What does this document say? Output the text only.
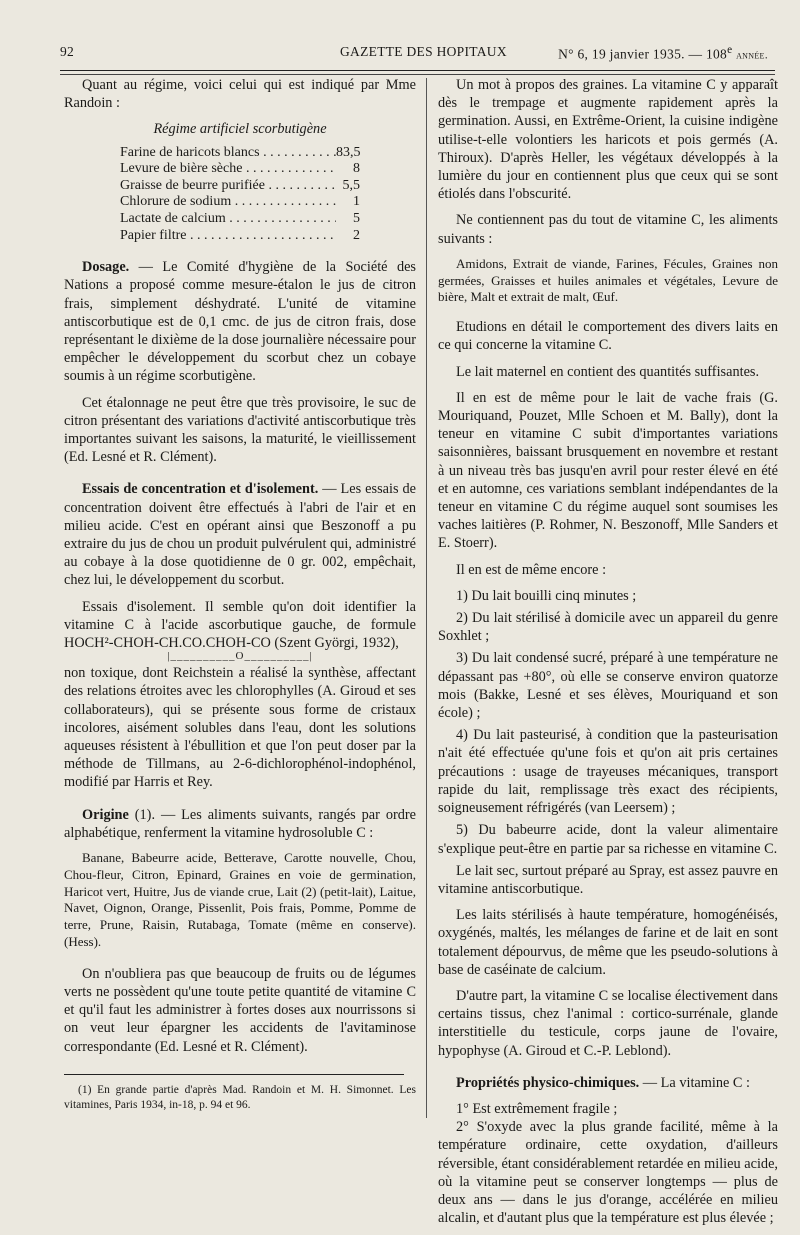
92	GAZETTE DES HOPITAUX	N° 6, 19 janvier 1935. — 108e année.

Quant au régime, voici celui qui est indiqué par Mme Randoin :

Régime artificiel scorbutigène

Farine de haricots blancs . . .	83,5
Levure de bière sèche . . .	8
Graisse de beurre purifiée . . .	5,5
Chlorure de sodium . . .	1
Lactate de calcium . . .	5
Papier filtre . . .	2

Dosage. — Le Comité d'hygiène de la Société des Nations a proposé comme mesure-étalon le jus de citron frais, simplement déshydraté. L'unité de vitamine antiscorbutique est de 0,1 cmc. de jus de citron frais, dose représentant le dixième de la dose journalière nécessaire pour empêcher le développement du scorbut chez un cobaye soumis à un régime scorbutigène.

Cet étalonnage ne peut être que très provisoire, le suc de citron présentant des variations d'activité antiscorbutique très importantes suivant les saisons, la maturité, le vieillissement (Ed. Lesné et R. Clément).

Essais de concentration et d'isolement. — Les essais de concentration doivent être effectués à l'abri de l'air et en milieu acide. C'est en opérant ainsi que Beszonoff a pu extraire du jus de chou un produit pulvérulent qui, administré au cobaye à la dose quotidienne de 0 gr. 002, empêchait, chez lui, le développement du scorbut.

Essais d'isolement. Il semble qu'on doit identifier la vitamine C à l'acide ascorbutique gauche, de formule HOCH²-CHOH-CH.CO.CHOH-CO (Szent Györgi, 1932),

|__________O__________|

non toxique, dont Reichstein a réalisé la synthèse, affectant des relations étroites avec les chlorophylles (A. Giroud et ses collaborateurs), qui se présente sous forme de cristaux incolores, aisément solubles dans l'eau, dont les solutions aqueuses résistent à l'ébullition et que l'on peut doser par la méthode de Tillmans, au 2-6-dichlorophénol-indophénol, modifié par Harris et Rey.

Origine (1). — Les aliments suivants, rangés par ordre alphabétique, renferment la vitamine hydrosoluble C :

Banane, Babeurre acide, Betterave, Carotte nouvelle, Chou, Chou-fleur, Citron, Epinard, Graines en voie de germination, Haricot vert, Huitre, Jus de viande crue, Lait (2) (petit-lait), Laitue, Navet, Oignon, Orange, Pissenlit, Pois frais, Pomme, Pomme de terre, Prune, Raisin, Rutabaga, Tomate (même en conserve). (Hess).

On n'oubliera pas que beaucoup de fruits ou de légumes verts ne possèdent qu'une toute petite quantité de vitamine C et qu'il faut les administrer à fortes doses aux nourrissons si on veut leur épargner les accidents de l'avitaminose correspondante (Ed. Lesné et R. Clément).

(1) En grande partie d'après Mad. Randoin et M. H. Simonnet. Les vitamines, Paris 1934, in-18, p. 94 et 96.

Un mot à propos des graines. La vitamine C y apparaît dès le trempage et augmente rapidement après la germination. Aussi, en Extrême-Orient, la cuisine indigène utilise-t-elle volontiers les haricots et pois germés (A. Thiroux). D'après Heller, les végétaux développés à la lumière du jour en contiennent plus que ceux qui se sont étiolés dans l'obscurité.

Ne contiennent pas du tout de vitamine C, les aliments suivants :

Amidons, Extrait de viande, Farines, Fécules, Graines non germées, Graisses et huiles animales et végétales, Levure de bière, Malt et extrait de malt, Œuf.

Etudions en détail le comportement des divers laits en ce qui concerne la vitamine C.

Le lait maternel en contient des quantités suffisantes.

Il en est de même pour le lait de vache frais (G. Mouriquand, Pouzet, Mlle Schoen et M. Bally), dont la teneur en vitamine C subit d'importantes variations saisonnières, baissant brusquement en novembre et restant à un niveau très bas jusqu'en avril pour rester élevé en été et en automne, ces variations semblant indépendantes de la teneur en vitamine C du régime auquel sont soumises les vaches laitières (P. Rohmer, N. Beszonoff, Mlle Sanders et E. Stoerr).

Il en est de même encore :

1) Du lait bouilli cinq minutes ;

2) Du lait stérilisé à domicile avec un appareil du genre Soxhlet ;

3) Du lait condensé sucré, préparé à une température ne dépassant pas +80°, où elle se conserve environ quatorze mois (Bakke, Lesné et ses élèves, Mouriquand et son école) ;

4) Du lait pasteurisé, à condition que la pasteurisation n'ait été effectuée qu'une fois et qu'on ait pris certaines précautions : usage de trayeuses mécaniques, transport rapide du lait, remplissage très exact des récipients, soigneusement réfrigérés (van Leersem) ;

5) Du babeurre acide, dont la valeur alimentaire s'explique peut-être en partie par sa richesse en vitamine C.

Le lait sec, surtout préparé au Spray, est assez pauvre en vitamine antiscorbutique.

Les laits stérilisés à haute température, homogénéisés, oxygénés, maltés, les mélanges de farine et de lait en sont totalement dépourvus, de même que les pseudo-solutions à base de caséinate de calcium.

D'autre part, la vitamine C se localise électivement dans certains tissus, chez l'animal : cortico-surrénale, glande interstitielle du testicule, corps jaune de l'ovaire, hypophyse (A. Giroud et C.-P. Leblond).

Propriétés physico-chimiques. — La vitamine C :

1° Est extrêmement fragile ;

2° S'oxyde avec la plus grande facilité, même à la température ordinaire, cette oxydation, d'ailleurs réversible, étant considérablement retardée en milieu acide, où la vitamine peut se conserver longtemps — plus de deux ans — dans le jus d'orange, accélérée en milieu alcalin, et d'autant plus que la température est plus élevée ;
